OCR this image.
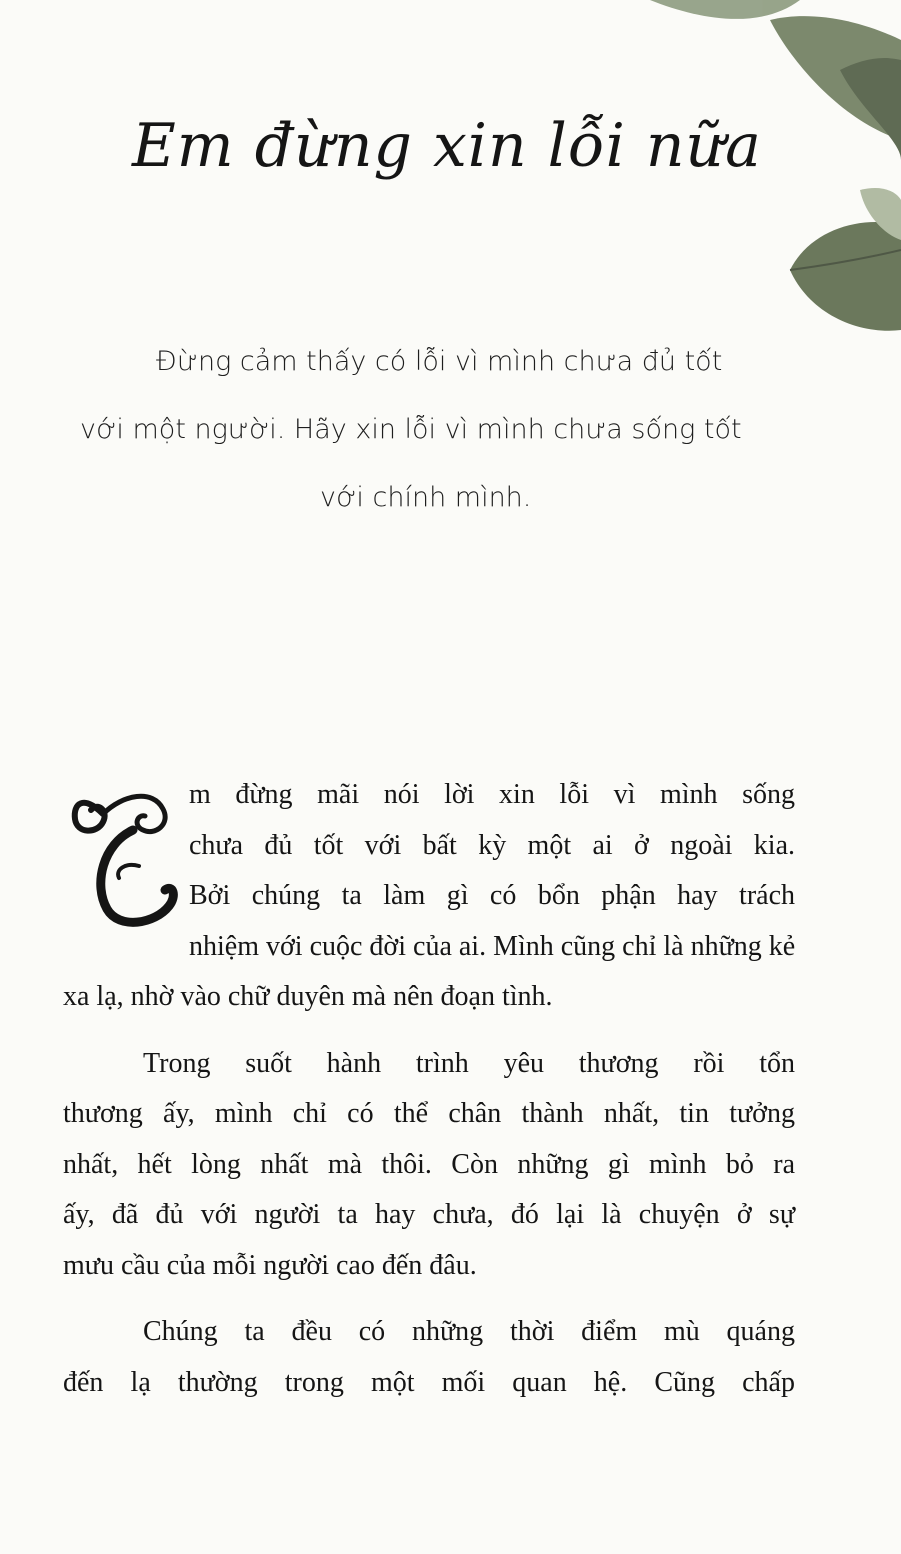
Em đừng xin lỗi nữa
Đừng cảm thấy có lỗi vì mình chưa đủ tốt
với một người. Hãy xin lỗi vì mình chưa sống tốt
với chính mình.

m đừng mãi nói lời xin lỗi vì mình sống
chưa đủ tốt với bất kỳ một ai ở ngoài kia.
Bởi chúng ta làm gì có bổn phận hay trách
nhiệm với cuộc đời của ai. Mình cũng chỉ là những kẻ
xa lạ, nhờ vào chữ duyên mà nên đoạn tình.

Trong suốt hành trình yêu thương rồi tổn
thương ấy, mình chỉ có thể chân thành nhất, tin tưởng
nhất, hết lòng nhất mà thôi. Còn những gì mình bỏ ra
ấy, đã đủ với người ta hay chưa, đó lại là chuyện ở sự
mưu cầu của mỗi người cao đến đâu.

Chúng ta đều có những thời điểm mù quáng
đến lạ thường trong một mối quan hệ. Cũng chấp
